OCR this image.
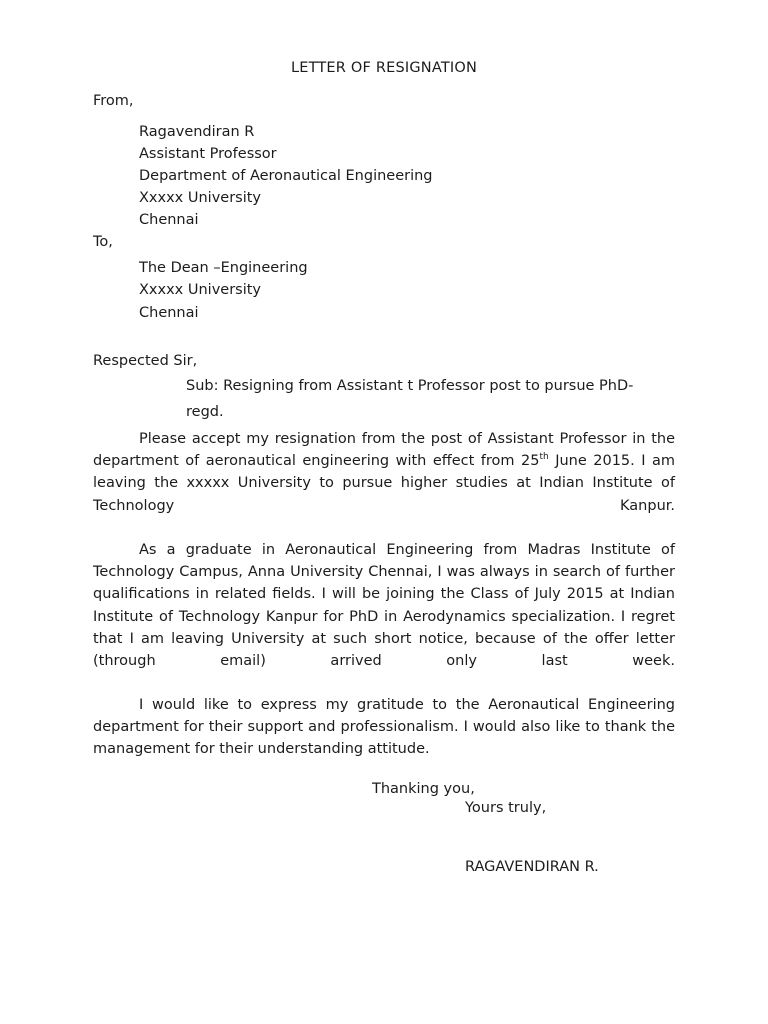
LETTER OF RESIGNATION
From,
Ragavendiran R
Assistant Professor
Department of Aeronautical Engineering
Xxxxx University
Chennai
To,
The Dean –Engineering
Xxxxx University
Chennai
Respected Sir,
Sub: Resigning from Assistant t Professor post to pursue PhD-
regd.
Please accept my resignation from the post of Assistant Professor in the department of aeronautical engineering with effect from 25th June 2015. I am leaving the xxxxx University to pursue higher studies at Indian Institute of Technology Kanpur.
As a graduate in Aeronautical Engineering from Madras Institute of Technology Campus, Anna University Chennai, I was always in search of further qualifications in related fields. I will be joining the Class of July 2015 at Indian Institute of Technology Kanpur for PhD in Aerodynamics specialization. I regret that I am leaving University at such short notice, because of the offer letter (through email) arrived only last week.
I would like to express my gratitude to the Aeronautical Engineering department for their support and professionalism. I would also like to thank the management for their understanding attitude.
Thanking you,
Yours truly,
RAGAVENDIRAN R.
